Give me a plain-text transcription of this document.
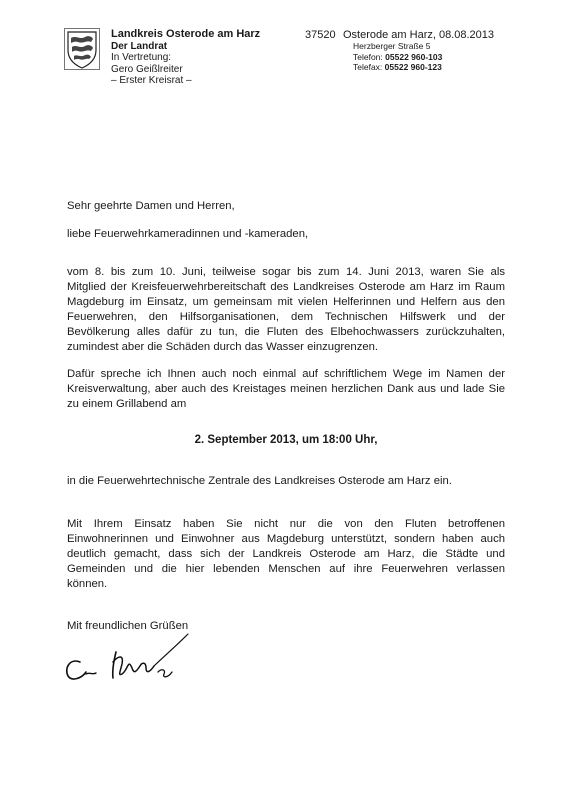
Landkreis Osterode am Harz
Der Landrat
In Vertretung:
Gero Geißlreiter
– Erster Kreisrat –
37520 Osterode am Harz, 08.08.2013
Herzberger Straße 5
Telefon: 05522 960-103
Telefax: 05522 960-123
Sehr geehrte Damen und Herren,
liebe Feuerwehrkameradinnen und -kameraden,
vom 8. bis zum 10. Juni, teilweise sogar bis zum 14. Juni 2013, waren Sie als
Mitglied der Kreisfeuerwehrbereitschaft des Landkreises Osterode am Harz im Raum
Magdeburg im Einsatz, um gemeinsam mit vielen Helferinnen und Helfern aus den
Feuerwehren, den Hilfsorganisationen, dem Technischen Hilfswerk und der
Bevölkerung alles dafür zu tun, die Fluten des Elbehochwassers zurückzuhalten,
zumindest aber die Schäden durch das Wasser einzugrenzen.
Dafür spreche ich Ihnen auch noch einmal auf schriftlichem Wege im Namen der
Kreisverwaltung, aber auch des Kreistages meinen herzlichen Dank aus und lade Sie
zu einem Grillabend am
2. September 2013, um 18:00 Uhr,
in die Feuerwehrtechnische Zentrale des Landkreises Osterode am Harz ein.
Mit Ihrem Einsatz haben Sie nicht nur die von den Fluten betroffenen
Einwohnerinnen und Einwohner aus Magdeburg unterstützt, sondern haben auch
deutlich gemacht, dass sich der Landkreis Osterode am Harz, die Städte und
Gemeinden und die hier lebenden Menschen auf ihre Feuerwehren verlassen
können.
Mit freundlichen Grüßen
